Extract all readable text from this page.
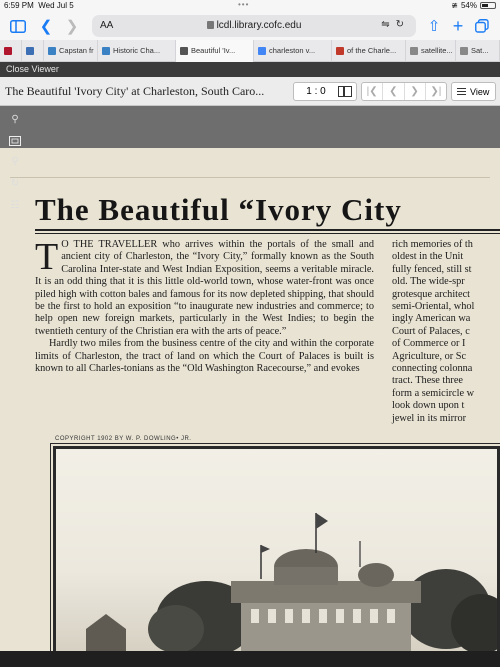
6:59 PM Wed Jul 5	•••	≇ 54%
❮ ❯	AA	lcdl.library.cofc.edu	⇋↻ ⇧ +
Capstan fr	Historic Cha...	Beautiful 'Iv...	charleston v...	of the Charle...	satellite... Sat...
Close Viewer
The Beautiful 'Ivory City' at Charleston, South Caro...	1 : 0	|❮	❮	❯	❯|	View
The Beautiful “Ivory City
T O THE TRAVELLER who arrives within the portals of the small and ancient city of Charleston, the “Ivory City,” formally known as the South Carolina Inter-state and West Indian Exposition, seems a veritable miracle. It is an odd thing that it is this little old-world town, whose water-front was once piled high with cotton bales and famous for its now depleted shipping, that should be the first to hold an exposition “to inaugurate new industries and commerce; to help open new foreign markets, particularly in the West Indies; to begin the twentieth century of the Christian era with the arts of peace.”

Hardly two miles from the business centre of the city and within the corporate limits of Charleston, the tract of land on which the Court of Palaces is built is known to all Charles-tonians as the “Old Washington Racecourse,” and evokes

rich memories of th
oldest in the Unit
fully fenced, still st
old. The wide-spr
grotesque architect
semi-Oriental, whol
ingly American wa
Court of Palaces, c
of Commerce or I
Agriculture, or Sc
connecting colonna
tract. These three
form a semicircle w
look down upon t
jewel in its mirror
COPYRIGHT 1902 BY W. P. DOWLING• JR.
⚲
⚲
↻
☷
